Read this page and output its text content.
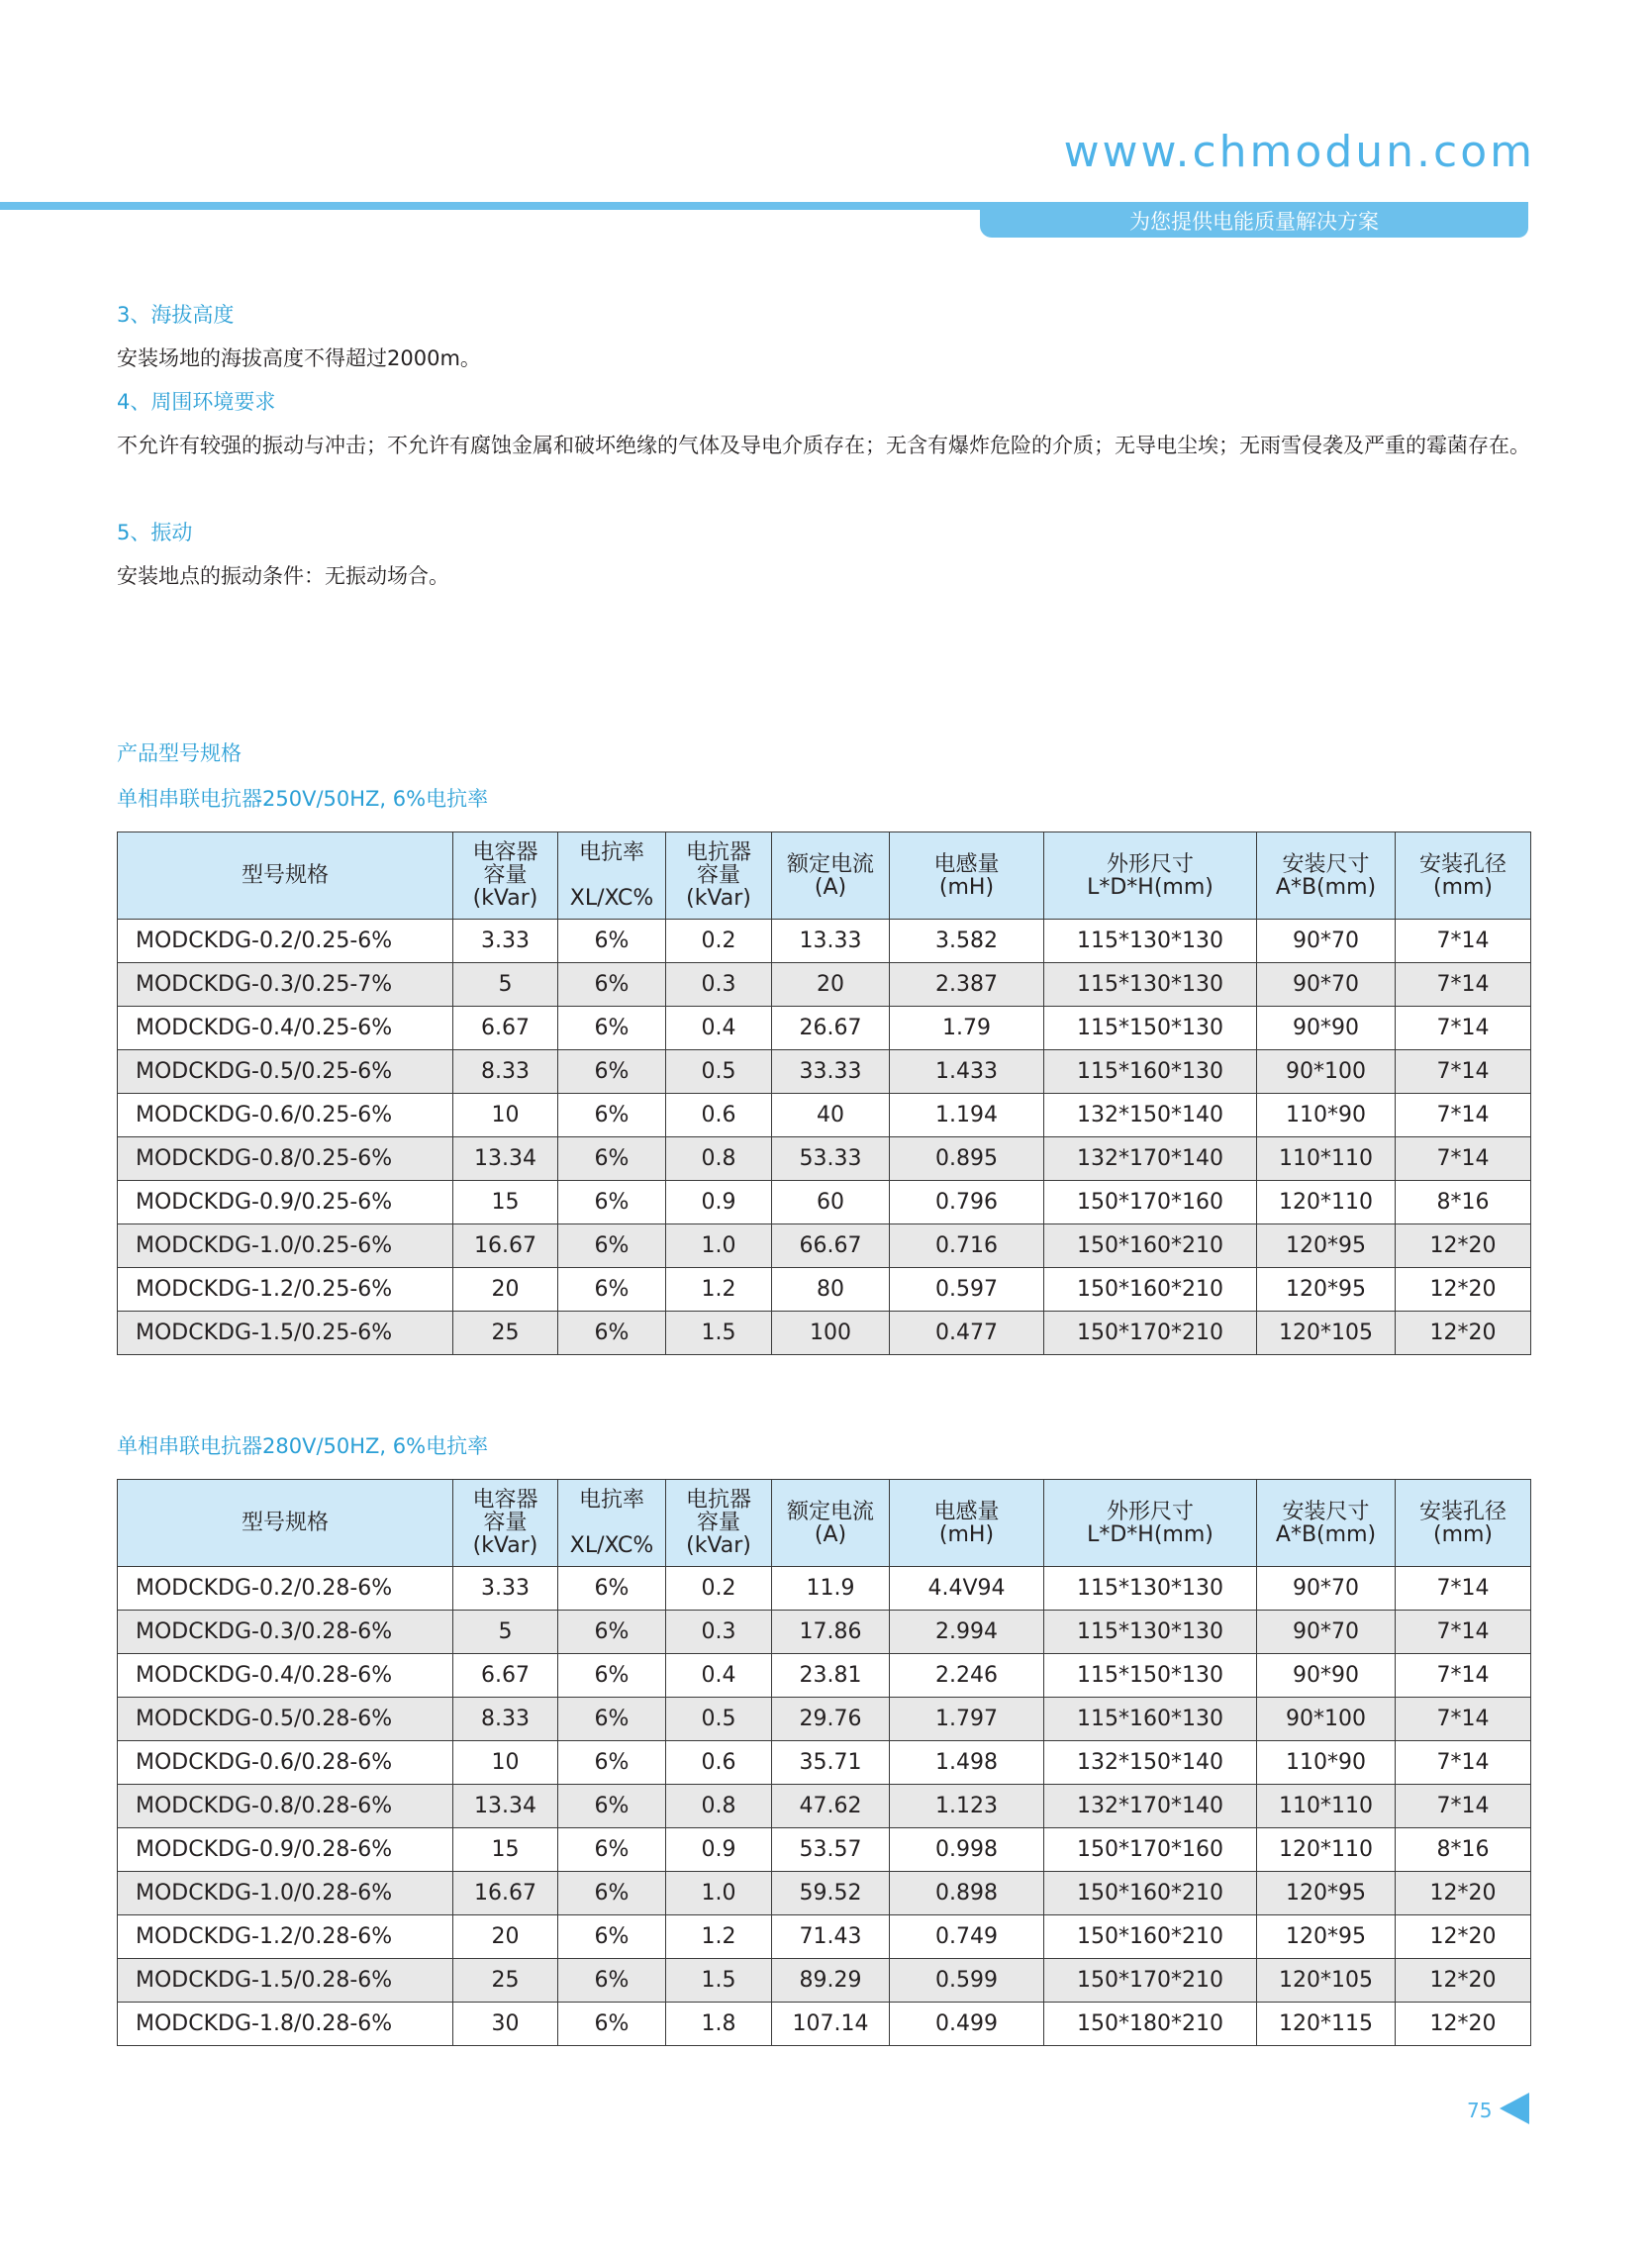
www.chmodun.com
为您提供电能质量解决方案
3、海拔高度
安装场地的海拔高度不得超过2000m。
4、周围环境要求
不允许有较强的振动与冲击；不允许有腐蚀金属和破坏绝缘的气体及导电介质存在；无含有爆炸危险的介质；无导电尘埃；无雨雪侵袭及严重的霉菌存在。
5、振动
安装地点的振动条件：无振动场合。
产品型号规格
单相串联电抗器250V/50HZ, 6%电抗率
型号规格	电容器
容量
(kVar)	电抗率

XL/XC%	电抗器
容量
(kVar)	额定电流
(A)	电感量
(mH)	外形尺寸
L*D*H(mm)	安装尺寸
A*B(mm)	安装孔径
(mm)
MODCKDG-0.2/0.25-6%	3.33	6%	0.2	13.33	3.582	115*130*130	90*70	7*14
MODCKDG-0.3/0.25-7%	5	6%	0.3	20	2.387	115*130*130	90*70	7*14
MODCKDG-0.4/0.25-6%	6.67	6%	0.4	26.67	1.79	115*150*130	90*90	7*14
MODCKDG-0.5/0.25-6%	8.33	6%	0.5	33.33	1.433	115*160*130	90*100	7*14
MODCKDG-0.6/0.25-6%	10	6%	0.6	40	1.194	132*150*140	110*90	7*14
MODCKDG-0.8/0.25-6%	13.34	6%	0.8	53.33	0.895	132*170*140	110*110	7*14
MODCKDG-0.9/0.25-6%	15	6%	0.9	60	0.796	150*170*160	120*110	8*16
MODCKDG-1.0/0.25-6%	16.67	6%	1.0	66.67	0.716	150*160*210	120*95	12*20
MODCKDG-1.2/0.25-6%	20	6%	1.2	80	0.597	150*160*210	120*95	12*20
MODCKDG-1.5/0.25-6%	25	6%	1.5	100	0.477	150*170*210	120*105	12*20
单相串联电抗器280V/50HZ, 6%电抗率
型号规格	电容器
容量
(kVar)	电抗率

XL/XC%	电抗器
容量
(kVar)	额定电流
(A)	电感量
(mH)	外形尺寸
L*D*H(mm)	安装尺寸
A*B(mm)	安装孔径
(mm)
MODCKDG-0.2/0.28-6%	3.33	6%	0.2	11.9	4.4V94	115*130*130	90*70	7*14
MODCKDG-0.3/0.28-6%	5	6%	0.3	17.86	2.994	115*130*130	90*70	7*14
MODCKDG-0.4/0.28-6%	6.67	6%	0.4	23.81	2.246	115*150*130	90*90	7*14
MODCKDG-0.5/0.28-6%	8.33	6%	0.5	29.76	1.797	115*160*130	90*100	7*14
MODCKDG-0.6/0.28-6%	10	6%	0.6	35.71	1.498	132*150*140	110*90	7*14
MODCKDG-0.8/0.28-6%	13.34	6%	0.8	47.62	1.123	132*170*140	110*110	7*14
MODCKDG-0.9/0.28-6%	15	6%	0.9	53.57	0.998	150*170*160	120*110	8*16
MODCKDG-1.0/0.28-6%	16.67	6%	1.0	59.52	0.898	150*160*210	120*95	12*20
MODCKDG-1.2/0.28-6%	20	6%	1.2	71.43	0.749	150*160*210	120*95	12*20
MODCKDG-1.5/0.28-6%	25	6%	1.5	89.29	0.599	150*170*210	120*105	12*20
MODCKDG-1.8/0.28-6%	30	6%	1.8	107.14	0.499	150*180*210	120*115	12*20
75
